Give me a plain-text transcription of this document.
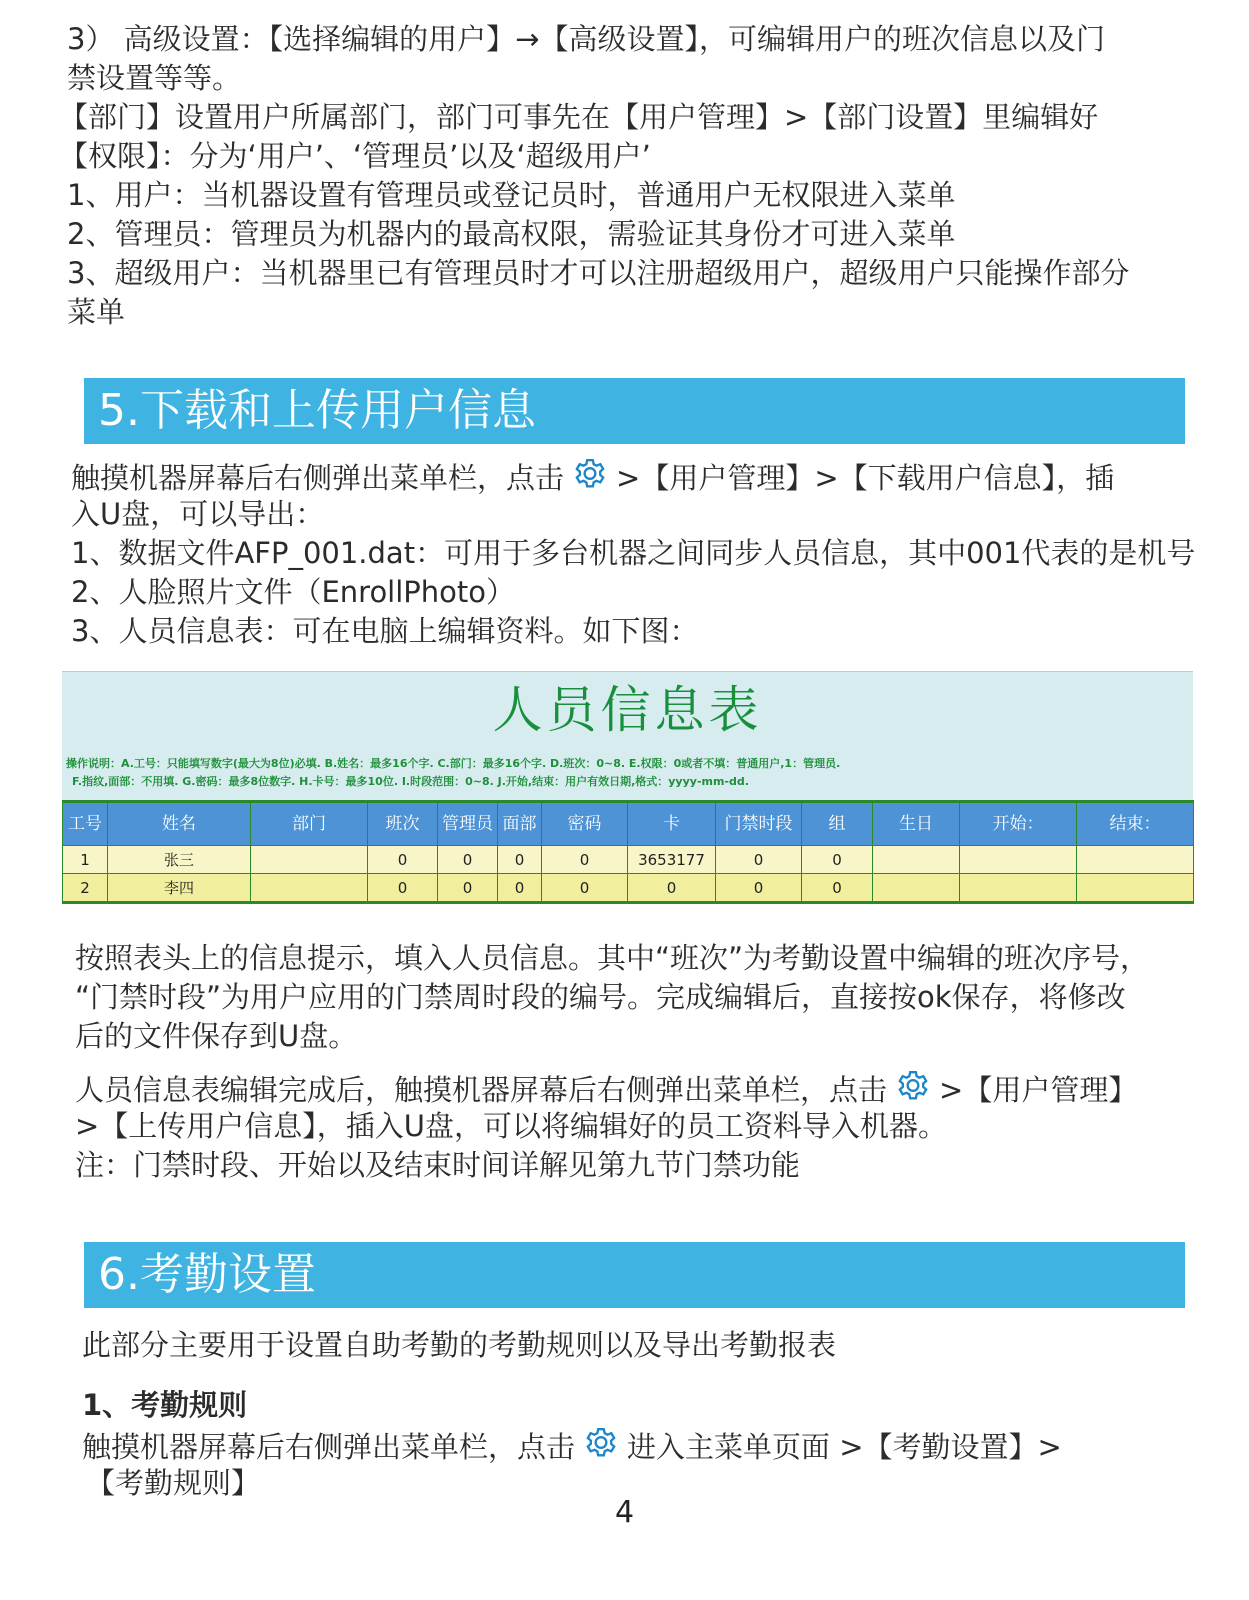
3） 高级设置：【选择编辑的用户】→【高级设置】，可编辑用户的班次信息以及门
禁设置等等。
【部门】设置用户所属部门，部门可事先在【用户管理】>【部门设置】里编辑好
【权限】：分为‘用户’、‘管理员’以及‘超级用户’
1、用户：当机器设置有管理员或登记员时，普通用户无权限进入菜单
2、管理员：管理员为机器内的最高权限，需验证其身份才可进入菜单
3、超级用户：当机器里已有管理员时才可以注册超级用户，超级用户只能操作部分
菜单
5.下载和上传用户信息
触摸机器屏幕后右侧弹出菜单栏，点击 >【用户管理】>【下载用户信息】，插
入U盘，可以导出：
1、数据文件AFP_001.dat：可用于多台机器之间同步人员信息，其中001代表的是机号
2、人脸照片文件（EnrollPhoto）
3、人员信息表：可在电脑上编辑资料。如下图：
人员信息表
操作说明：A.工号：只能填写数字(最大为8位)必填. B.姓名：最多16个字. C.部门：最多16个字. D.班次：0~8. E.权限：0或者不填：普通用户,1：管理员.
F.指纹,面部：不用填. G.密码：最多8位数字. H.卡号：最多10位. I.时段范围：0~8. J.开始,结束：用户有效日期,格式：yyyy-mm-dd.
工号	姓名	部门	班次	管理员	面部	密码	卡	门禁时段	组	生日	开始：	结束：
1	张三		0	0	0	0	3653177	0	0			
2	李四		0	0	0	0	0	0	0			
按照表头上的信息提示，填入人员信息。其中“班次”为考勤设置中编辑的班次序号，
“门禁时段”为用户应用的门禁周时段的编号。完成编辑后，直接按ok保存，将修改
后的文件保存到U盘。
人员信息表编辑完成后，触摸机器屏幕后右侧弹出菜单栏，点击 >【用户管理】
>【上传用户信息】，插入U盘，可以将编辑好的员工资料导入机器。
注：门禁时段、开始以及结束时间详解见第九节门禁功能
6.考勤设置
此部分主要用于设置自助考勤的考勤规则以及导出考勤报表
1、考勤规则
触摸机器屏幕后右侧弹出菜单栏，点击 进入主菜单页面 >【考勤设置】>
【考勤规则】
4
